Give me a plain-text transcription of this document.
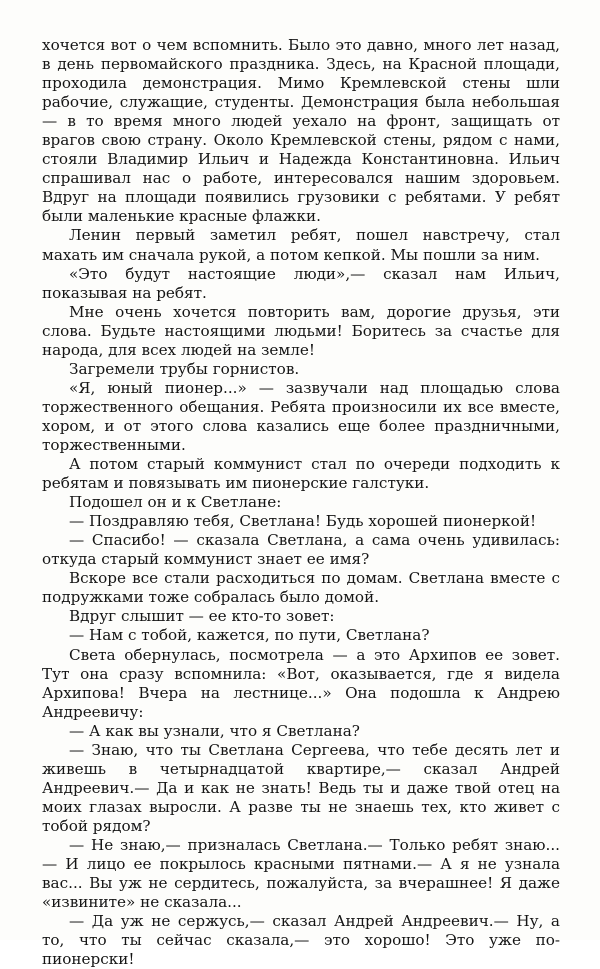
хочется вот о чем вспомнить. Было это давно, много лет назад, в день первомайского праздника. Здесь, на Красной площади, проходила демонстрация. Мимо Кремлевской стены шли рабочие, служащие, студенты. Демонстрация была небольшая — в то время много людей уехало на фронт, защищать от врагов свою страну. Около Кремлевской стены, рядом с нами, стояли Владимир Ильич и Надежда Константиновна. Ильич спрашивал нас о работе, интересовался нашим здоровьем. Вдруг на площади появились грузовики с ребятами. У ребят были маленькие красные флажки.

Ленин первый заметил ребят, пошел навстречу, стал махать им сначала рукой, а потом кепкой. Мы пошли за ним.

«Это будут настоящие люди»,— сказал нам Ильич, показывая на ребят.

Мне очень хочется повторить вам, дорогие друзья, эти слова. Будьте настоящими людьми! Боритесь за счастье для народа, для всех людей на земле!

Загремели трубы горнистов.

«Я, юный пионер...» — зазвучали над площадью слова торжественного обещания. Ребята произносили их все вместе, хором, и от этого слова казались еще более праздничными, торжественными.

А потом старый коммунист стал по очереди подходить к ребятам и повязывать им пионерские галстуки.

Подошел он и к Светлане:

— Поздравляю тебя, Светлана! Будь хорошей пионеркой!

— Спасибо! — сказала Светлана, а сама очень удивилась: откуда старый коммунист знает ее имя?

Вскоре все стали расходиться по домам. Светлана вместе с подружками тоже собралась было домой.

Вдруг слышит — ее кто-то зовет:

— Нам с тобой, кажется, по пути, Светлана?

Света обернулась, посмотрела — а это Архипов ее зовет. Тут она сразу вспомнила: «Вот, оказывается, где я видела Архипова! Вчера на лестнице...» Она подошла к Андрею Андреевичу:

— А как вы узнали, что я Светлана?

— Знаю, что ты Светлана Сергеева, что тебе десять лет и живешь в четырнадцатой квартире,— сказал Андрей Андреевич.— Да и как не знать! Ведь ты и даже твой отец на моих глазах выросли. А разве ты не знаешь тех, кто живет с тобой рядом?

— Не знаю,— призналась Светлана.— Только ребят знаю...— И лицо ее покрылось красными пятнами.— А я не узнала вас... Вы уж не сердитесь, пожалуйста, за вчерашнее! Я даже «извините» не сказала...

— Да уж не сержусь,— сказал Андрей Андреевич.— Ну, а то, что ты сейчас сказала,— это хорошо! Это уже по-пионерски!
